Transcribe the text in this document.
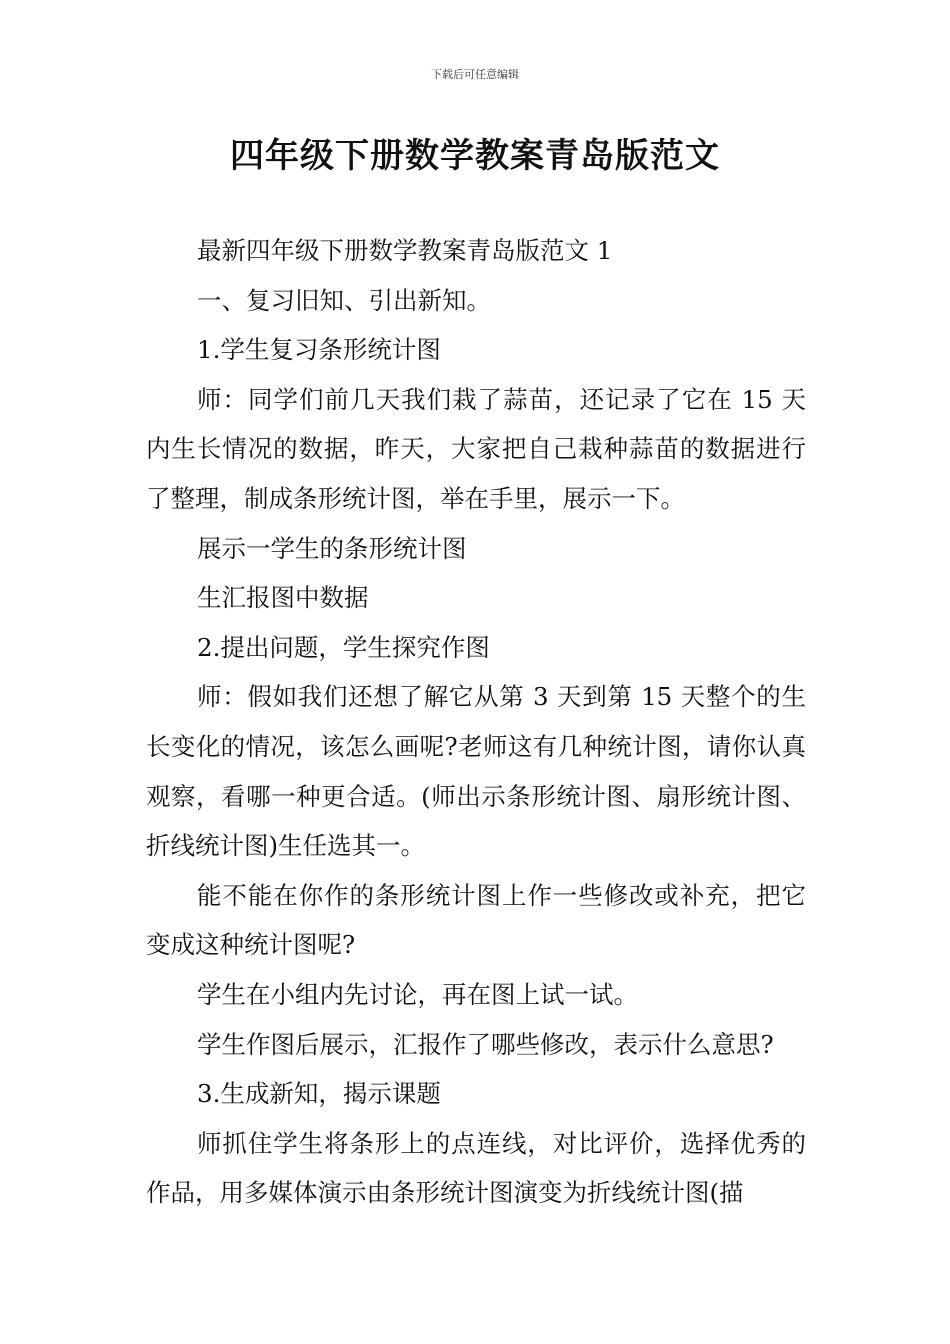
下载后可任意编辑
四年级下册数学教案青岛版范文

最新四年级下册数学教案青岛版范文 1

一、复习旧知、引出新知。

1.学生复习条形统计图

师：同学们前几天我们栽了蒜苗，还记录了它在 15 天内生长情况的数据，昨天，大家把自己栽种蒜苗的数据进行了整理，制成条形统计图，举在手里，展示一下。

展示一学生的条形统计图

生汇报图中数据

2.提出问题，学生探究作图

师：假如我们还想了解它从第 3 天到第 15 天整个的生长变化的情况，该怎么画呢?老师这有几种统计图，请你认真观察，看哪一种更合适。(师出示条形统计图、扇形统计图、折线统计图)生任选其一。

能不能在你作的条形统计图上作一些修改或补充，把它变成这种统计图呢?

学生在小组内先讨论，再在图上试一试。

学生作图后展示，汇报作了哪些修改，表示什么意思?

3.生成新知，揭示课题

师抓住学生将条形上的点连线，对比评价，选择优秀的作品，用多媒体演示由条形统计图演变为折线统计图(描
